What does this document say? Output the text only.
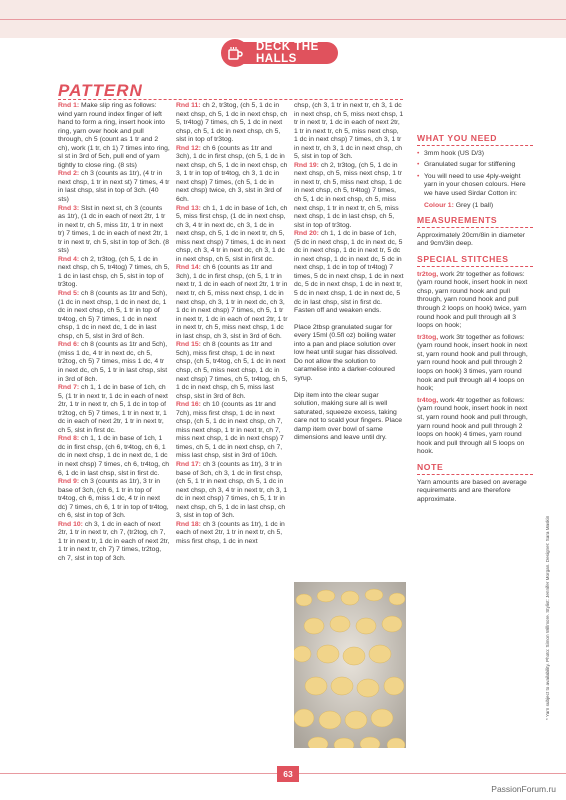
DECK THE HALLS
PATTERN

Rnd 1: Make slip ring as follows: wind yarn round index finger of left hand to form a ring, insert hook into ring, yarn over hook and pull through, ch 5 (count as 1 tr and 2 ch), work (1 tr, ch 1) 7 times into ring, sl st in 3rd of 5ch, pull end of yarn tightly to close ring. (8 sts)

Rnd 2: ch 3 (counts as 1tr), (4 tr in next chsp, 1 tr in next st) 7 times, 4 tr in last chsp, slst in top of 3ch. (40 sts)

Rnd 3: Slst in next st, ch 3 (counts as 1tr), (1 dc in each of next 2tr, 1 tr in next tr, ch 5, miss 1tr, 1 tr in next tr) 7 times, 1 dc in each of next 2tr, 1 tr in next tr, ch 5, slst in top of 3ch. (8 sts)

Rnd 4: ch 2, tr3tog, (ch 5, 1 dc in next chsp, ch 5, tr4tog) 7 times, ch 5, 1 dc in last chsp, ch 5, slst in top of tr3tog.

Rnd 5: ch 8 (counts as 1tr and 5ch), (1 dc in next chsp, 1 dc in next dc, 1 dc in next chsp, ch 5, 1 tr in top of tr4tog, ch 5) 7 times, 1 dc in next chsp, 1 dc in next dc, 1 dc in last chsp, ch 5, slst in 3rd of 8ch.

Rnd 6: ch 8 (counts as 1tr and 5ch), (miss 1 dc, 4 tr in next dc, ch 5, tr2tog, ch 5) 7 times, miss 1 dc, 4 tr in next dc, ch 5, 1 tr in last chsp, slst in 3rd of 8ch.

Rnd 7: ch 1, 1 dc in base of 1ch, ch 5, (1 tr in next tr, 1 dc in each of next 2tr, 1 tr in next tr, ch 5, 1 dc in top of tr2tog, ch 5) 7 times, 1 tr in next tr, 1 dc in each of next 2tr, 1 tr in next tr, ch 5, slst in first dc.

Rnd 8: ch 1, 1 dc in base of 1ch, 1 dc in first chsp, (ch 6, tr4tog, ch 6, 1 dc in next chsp, 1 dc in next dc, 1 dc in next chsp) 7 times, ch 6, tr4tog, ch 6, 1 dc in last chsp, slst in first dc.

Rnd 9: ch 3 (counts as 1tr), 3 tr in base of 3ch, (ch 6, 1 tr in top of tr4tog, ch 6, miss 1 dc, 4 tr in next dc) 7 times, ch 6, 1 tr in top of tr4tog, ch 6, slst in top of 3ch.

Rnd 10: ch 3, 1 dc in each of next 2tr, 1 tr in next tr, ch 7, (tr2tog, ch 7, 1 tr in next tr, 1 dc in each of next 2tr, 1 tr in next tr, ch 7) 7 times, tr2tog, ch 7, slst in top of 3ch.

Rnd 11: ch 2, tr3tog, (ch 5, 1 dc in next chsp, ch 5, 1 dc in next chsp, ch 5, tr4tog) 7 times, ch 5, 1 dc in next chsp, ch 5, 1 dc in next chsp, ch 5, slst in top of tr3tog.

Rnd 12: ch 6 (counts as 1tr and 3ch), 1 dc in first chsp, (ch 5, 1 dc in next chsp, ch 5, 1 dc in next chsp, ch 3, 1 tr in top of tr4tog, ch 3, 1 dc in next chsp) 7 times, (ch 5, 1 dc in next chsp) twice, ch 3, slst in 3rd of 6ch.

Rnd 13: ch 1, 1 dc in base of 1ch, ch 5, miss first chsp, (1 dc in next chsp, ch 3, 4 tr in next dc, ch 3, 1 dc in next chsp, ch 5, 1 dc in next tr, ch 5, miss next chsp) 7 times, 1 dc in next chsp, ch 3, 4 tr in next dc, ch 3, 1 dc in next chsp, ch 5, slst in first dc.

Rnd 14: ch 6 (counts as 1tr and 3ch), 1 dc in first chsp, (ch 5, 1 tr in next tr, 1 dc in each of next 2tr, 1 tr in next tr, ch 5, miss next chsp, 1 dc in next chsp, ch 3, 1 tr in next dc, ch 3, 1 dc in next chsp) 7 times, ch 5, 1 tr in next tr, 1 dc in each of next 2tr, 1 tr in next tr, ch 5, miss next chsp, 1 dc in last chsp, ch 3, slst in 3rd of 6ch.

Rnd 15: ch 8 (counts as 1tr and 5ch), miss first chsp, 1 dc in next chsp, (ch 5, tr4tog, ch 5, 1 dc in next chsp, ch 5, miss next chsp, 1 dc in next chsp) 7 times, ch 5, tr4tog, ch 5, 1 dc in next chsp, ch 5, miss last chsp, slst in 3rd of 8ch.

Rnd 16: ch 10 (counts as 1tr and 7ch), miss first chsp, 1 dc in next chsp, (ch 5, 1 dc in next chsp, ch 7, miss next chsp, 1 tr in next tr, ch 7, miss next chsp, 1 dc in next chsp) 7 times, ch 5, 1 dc in next chsp, ch 7, miss last chsp, slst in 3rd of 10ch.

Rnd 17: ch 3 (counts as 1tr), 3 tr in base of 3ch, ch 3, 1 dc in first chsp, (ch 5, 1 tr in next chsp, ch 5, 1 dc in next chsp, ch 3, 4 tr in next tr, ch 3, 1 dc in next chsp) 7 times, ch 5, 1 tr in next chsp, ch 5, 1 dc in last chsp, ch 3, slst in top of 3ch.

Rnd 18: ch 3 (counts as 1tr), 1 dc in each of next 2tr, 1 tr in next tr, ch 5, miss first chsp, 1 dc in next

chsp, (ch 3, 1 tr in next tr, ch 3, 1 dc in next chsp, ch 5, miss next chsp, 1 tr in next tr, 1 dc in each of next 2tr, 1 tr in next tr, ch 5, miss next chsp, 1 dc in next chsp) 7 times, ch 3, 1 tr in next tr, ch 3, 1 dc in next chsp, ch 5, slst in top of 3ch.

Rnd 19: ch 2, tr3tog, (ch 5, 1 dc in next chsp, ch 5, miss next chsp, 1 tr in next tr, ch 5, miss next chsp, 1 dc in next chsp, ch 5, tr4tog) 7 times, ch 5, 1 dc in next chsp, ch 5, miss next chsp, 1 tr in next tr, ch 5, miss next chsp, 1 dc in last chsp, ch 5, slst in top of tr3tog.

Rnd 20: ch 1, 1 dc in base of 1ch, (5 dc in next chsp, 1 dc in next dc, 5 dc in next chsp, 1 dc in next tr, 5 dc in next chsp, 1 dc in next dc, 5 dc in next chsp, 1 dc in top of tr4tog) 7 times, 5 dc in next chsp, 1 dc in next dc, 5 dc in next chsp, 1 dc in next tr, 5 dc in next chsp, 1 dc in next dc, 5 dc in last chsp, slst in first dc. Fasten off and weaken ends.

Place 2tbsp granulated sugar for every 15ml (0.5fl oz) boiling water into a pan and place solution over low heat until sugar has dissolved. Do not allow the solution to caramelise into a darker-coloured syrup.

Dip item into the clear sugar solution, making sure all is well saturated, squeeze excess, taking care not to scald your fingers. Place damp item over bowl of same dimensions and leave until dry.

WHAT YOU NEED
• 3mm hook (US D/3)
• Granulated sugar for stiffening
• You will need to use 4ply-weight yarn in your chosen colours. Here we have used Sirdar Cotton in:
Colour 1: Grey (1 ball)
MEASUREMENTS
Approximately 20cm/8in in diameter and 9cm/3in deep.
SPECIAL STITCHES

tr2tog, work 2tr together as follows: (yarn round hook, insert hook in next chsp, yarn round hook and pull through, yarn round hook and pull through 2 loops on hook) twice, yarn round hook and pull through all 3 loops on hook;

tr3tog, work 3tr together as follows: (yarn round hook, insert hook in next st, yarn round hook and pull through, yarn round hook and pull through 2 loops on hook) 3 times, yarn round hook and pull through all 4 loops on hook;

tr4tog, work 4tr together as follows: (yarn round hook, insert hook in next st, yarn round hook and pull through, yarn round hook and pull through 2 loops on hook) 4 times, yarn round hook and pull through all 5 loops on hook.

NOTE
Yarn amounts are based on average requirements and are therefore approximate.
* Yarn subject to availability. Photo: Simon Willmore. Stylist: Jennifer Morgan. Designer: Sara Maskin
63
PassionForum.ru
